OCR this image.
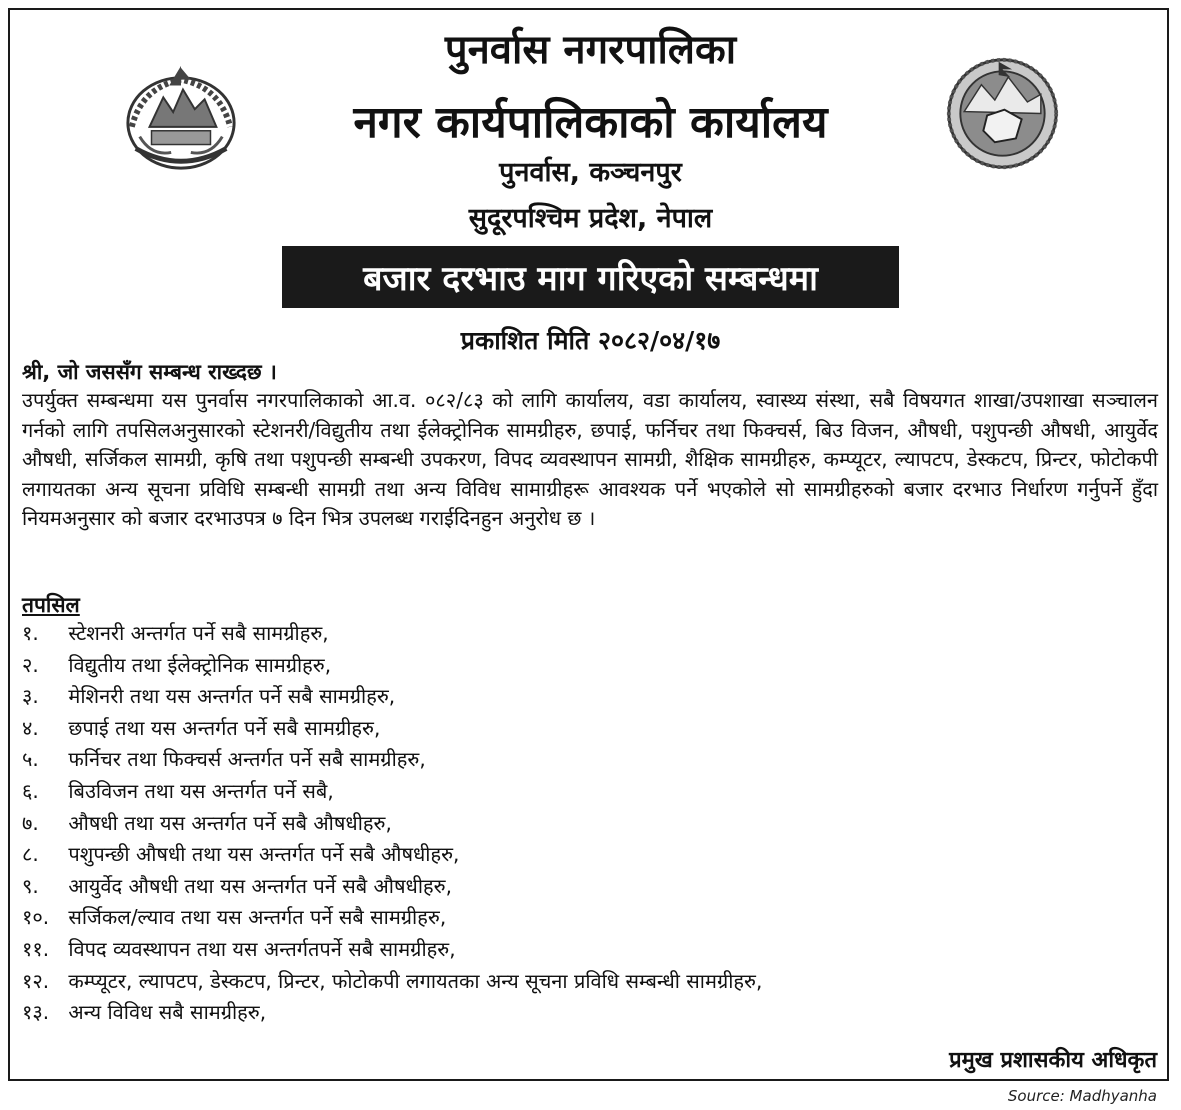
पुनर्वास नगरपालिका
नगर कार्यपालिकाको कार्यालय
पुनर्वास, कञ्चनपुर
सुदूरपश्चिम प्रदेश, नेपाल
बजार दरभाउ माग गरिएको सम्बन्धमा
प्रकाशित मिति २०८२/०४/१७
श्री, जो जससँग सम्बन्ध राख्दछ ।

उपर्युक्त सम्बन्धमा यस पुनर्वास नगरपालिकाको आ.व. ०८२/८३ को लागि कार्यालय, वडा कार्यालय, स्वास्थ्य संस्था, सबै विषयगत शाखा/उपशाखा सञ्चालन गर्नको लागि तपसिलअनुसारको स्टेशनरी/विद्युतीय तथा ईलेक्ट्रोनिक सामग्रीहरु, छपाई, फर्निचर तथा फिक्चर्स, बिउ विजन, औषधी, पशुपन्छी औषधी, आयुर्वेद औषधी, सर्जिकल सामग्री, कृषि तथा पशुपन्छी सम्बन्धी उपकरण, विपद व्यवस्थापन सामग्री, शैक्षिक सामग्रीहरु, कम्प्यूटर, ल्यापटप, डेस्कटप, प्रिन्टर, फोटोकपी लगायतका अन्य सूचना प्रविधि सम्बन्धी सामग्री तथा अन्य विविध सामाग्रीहरू आवश्यक पर्ने भएकोले सो सामग्रीहरुको बजार दरभाउ निर्धारण गर्नुपर्ने हुँदा नियमअनुसार को बजार दरभाउपत्र ७ दिन भित्र उपलब्ध गराईदिनहुन अनुरोध छ ।

तपसिल
१. स्टेशनरी अन्तर्गत पर्ने सबै सामग्रीहरु,
२. विद्युतीय तथा ईलेक्ट्रोनिक सामग्रीहरु,
३. मेशिनरी तथा यस अन्तर्गत पर्ने सबै सामग्रीहरु,
४. छपाई तथा यस अन्तर्गत पर्ने सबै सामग्रीहरु,
५. फर्निचर तथा फिक्चर्स अन्तर्गत पर्ने सबै सामग्रीहरु,
६. बिउविजन तथा यस अन्तर्गत पर्ने सबै,
७. औषधी तथा यस अन्तर्गत पर्ने सबै औषधीहरु,
८. पशुपन्छी औषधी तथा यस अन्तर्गत पर्ने सबै औषधीहरु,
९. आयुर्वेद औषधी तथा यस अन्तर्गत पर्ने सबै औषधीहरु,
१०. सर्जिकल/ल्याव तथा यस अन्तर्गत पर्ने सबै सामग्रीहरु,
११. विपद व्यवस्थापन तथा यस अन्तर्गतपर्ने सबै सामग्रीहरु,
१२. कम्प्यूटर, ल्यापटप, डेस्कटप, प्रिन्टर, फोटोकपी लगायतका अन्य सूचना प्रविधि सम्बन्धी सामग्रीहरु,
१३. अन्य विविध सबै सामग्रीहरु,
प्रमुख प्रशासकीय अधिकृत
Source: Madhyanha
